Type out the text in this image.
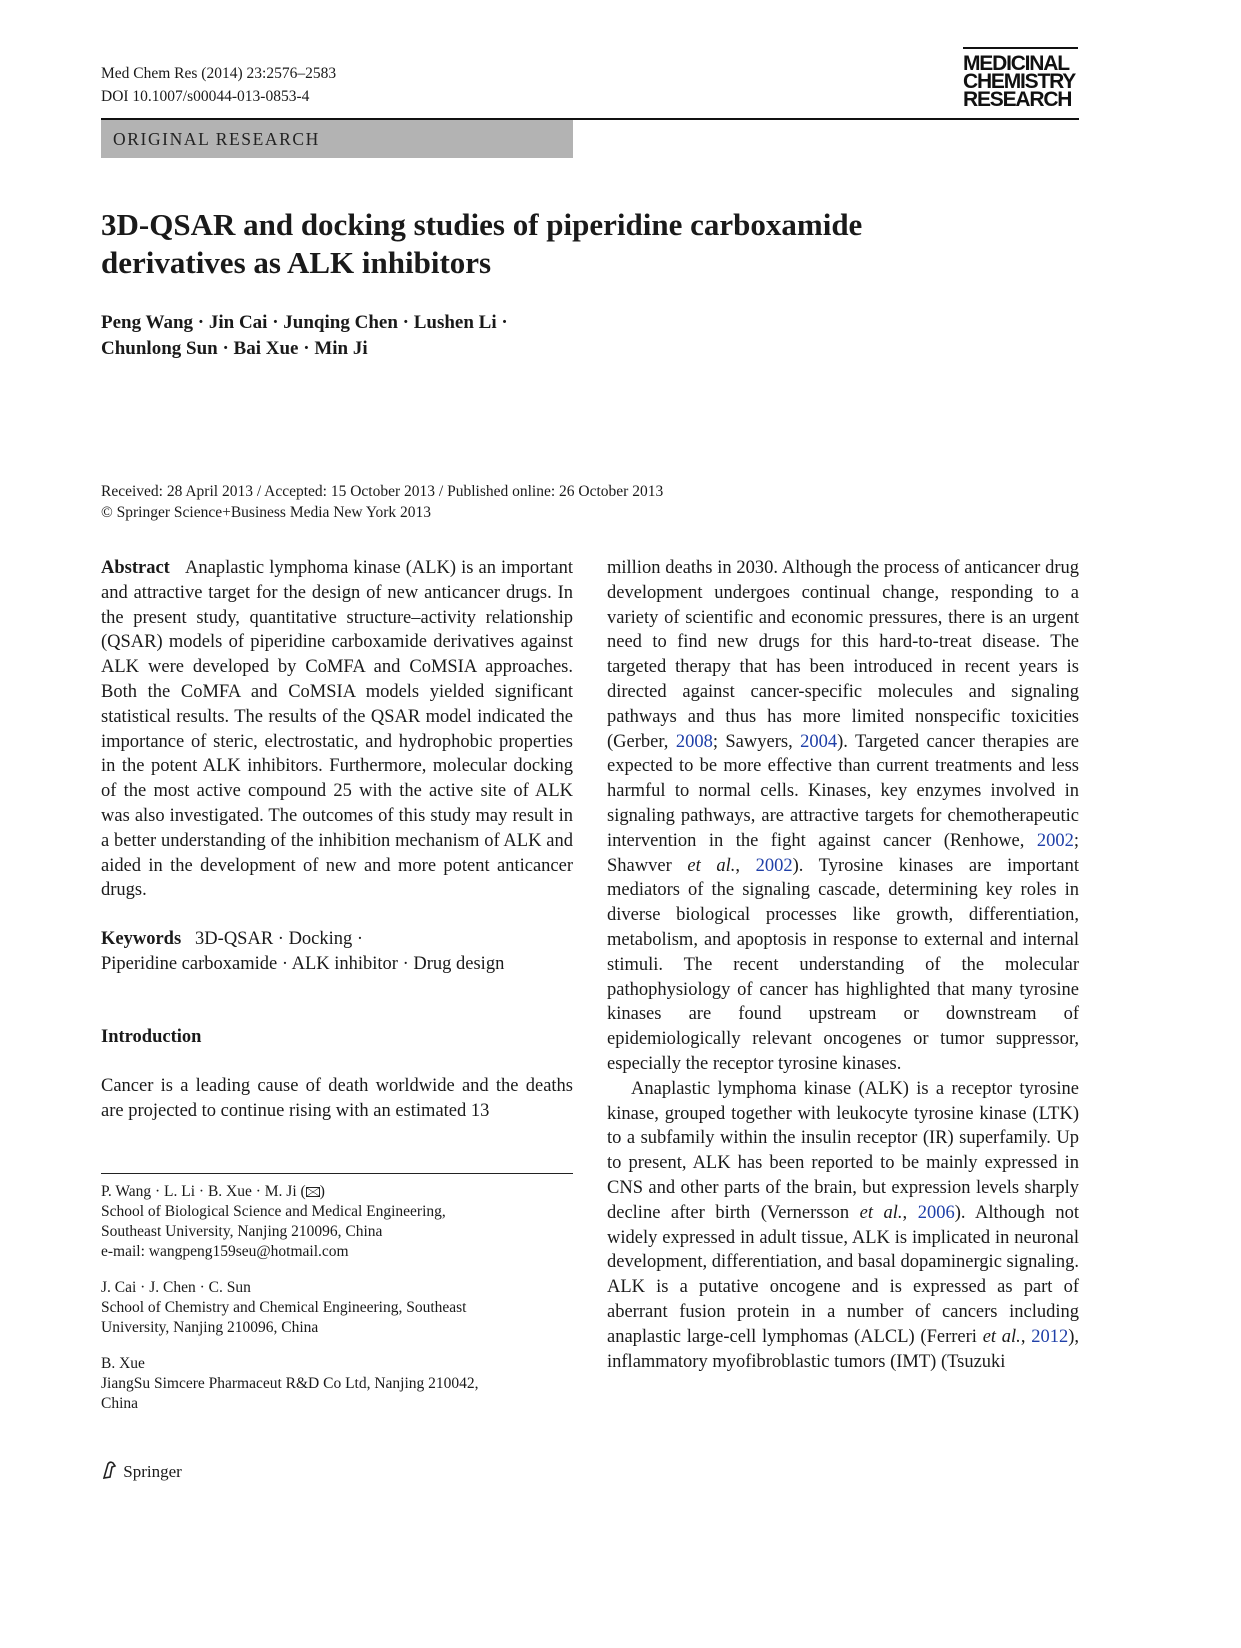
Med Chem Res (2014) 23:2576–2583
DOI 10.1007/s00044-013-0853-4
MEDICINAL
CHEMISTRY
RESEARCH
ORIGINAL RESEARCH
3D-QSAR and docking studies of piperidine carboxamide
derivatives as ALK inhibitors
Peng Wang · Jin Cai · Junqing Chen · Lushen Li ·
Chunlong Sun · Bai Xue · Min Ji
Received: 28 April 2013 / Accepted: 15 October 2013 / Published online: 26 October 2013
© Springer Science+Business Media New York 2013

Abstract Anaplastic lymphoma kinase (ALK) is an important and attractive target for the design of new anticancer drugs. In the present study, quantitative structure–activity relationship (QSAR) models of piperidine carboxamide derivatives against ALK were developed by CoMFA and CoMSIA approaches. Both the CoMFA and CoMSIA models yielded significant statistical results. The results of the QSAR model indicated the importance of steric, electrostatic, and hydrophobic properties in the potent ALK inhibitors. Furthermore, molecular docking of the most active compound 25 with the active site of ALK was also investigated. The outcomes of this study may result in a better understanding of the inhibition mechanism of ALK and aided in the development of new and more potent anticancer drugs.

Keywords 3D-QSAR · Docking ·
Piperidine carboxamide · ALK inhibitor · Drug design
Introduction

Cancer is a leading cause of death worldwide and the deaths are projected to continue rising with an estimated 13

P. Wang · L. Li · B. Xue · M. Ji ( )
School of Biological Science and Medical Engineering,
Southeast University, Nanjing 210096, China
e-mail: wangpeng159seu@hotmail.com

J. Cai · J. Chen · C. Sun
School of Chemistry and Chemical Engineering, Southeast
University, Nanjing 210096, China

B. Xue
JiangSu Simcere Pharmaceut R&D Co Ltd, Nanjing 210042,
China

million deaths in 2030. Although the process of anticancer drug development undergoes continual change, responding to a variety of scientific and economic pressures, there is an urgent need to find new drugs for this hard-to-treat disease. The targeted therapy that has been introduced in recent years is directed against cancer-specific molecules and signaling pathways and thus has more limited nonspecific toxicities (Gerber, 2008; Sawyers, 2004). Targeted cancer therapies are expected to be more effective than current treatments and less harmful to normal cells. Kinases, key enzymes involved in signaling pathways, are attractive targets for chemotherapeutic intervention in the fight against cancer (Renhowe, 2002; Shawver et al., 2002). Tyrosine kinases are important mediators of the signaling cascade, determining key roles in diverse biological processes like growth, differentiation, metabolism, and apoptosis in response to external and internal stimuli. The recent understanding of the molecular pathophysiology of cancer has highlighted that many tyrosine kinases are found upstream or downstream of epidemiologically relevant oncogenes or tumor suppressor, especially the receptor tyrosine kinases.

Anaplastic lymphoma kinase (ALK) is a receptor tyrosine kinase, grouped together with leukocyte tyrosine kinase (LTK) to a subfamily within the insulin receptor (IR) superfamily. Up to present, ALK has been reported to be mainly expressed in CNS and other parts of the brain, but expression levels sharply decline after birth (Vernersson et al., 2006). Although not widely expressed in adult tissue, ALK is implicated in neuronal development, differentiation, and basal dopaminergic signaling. ALK is a putative oncogene and is expressed as part of aberrant fusion protein in a number of cancers including anaplastic large-cell lymphomas (ALCL) (Ferreri et al., 2012), inflammatory myofibroblastic tumors (IMT) (Tsuzuki

Springer
